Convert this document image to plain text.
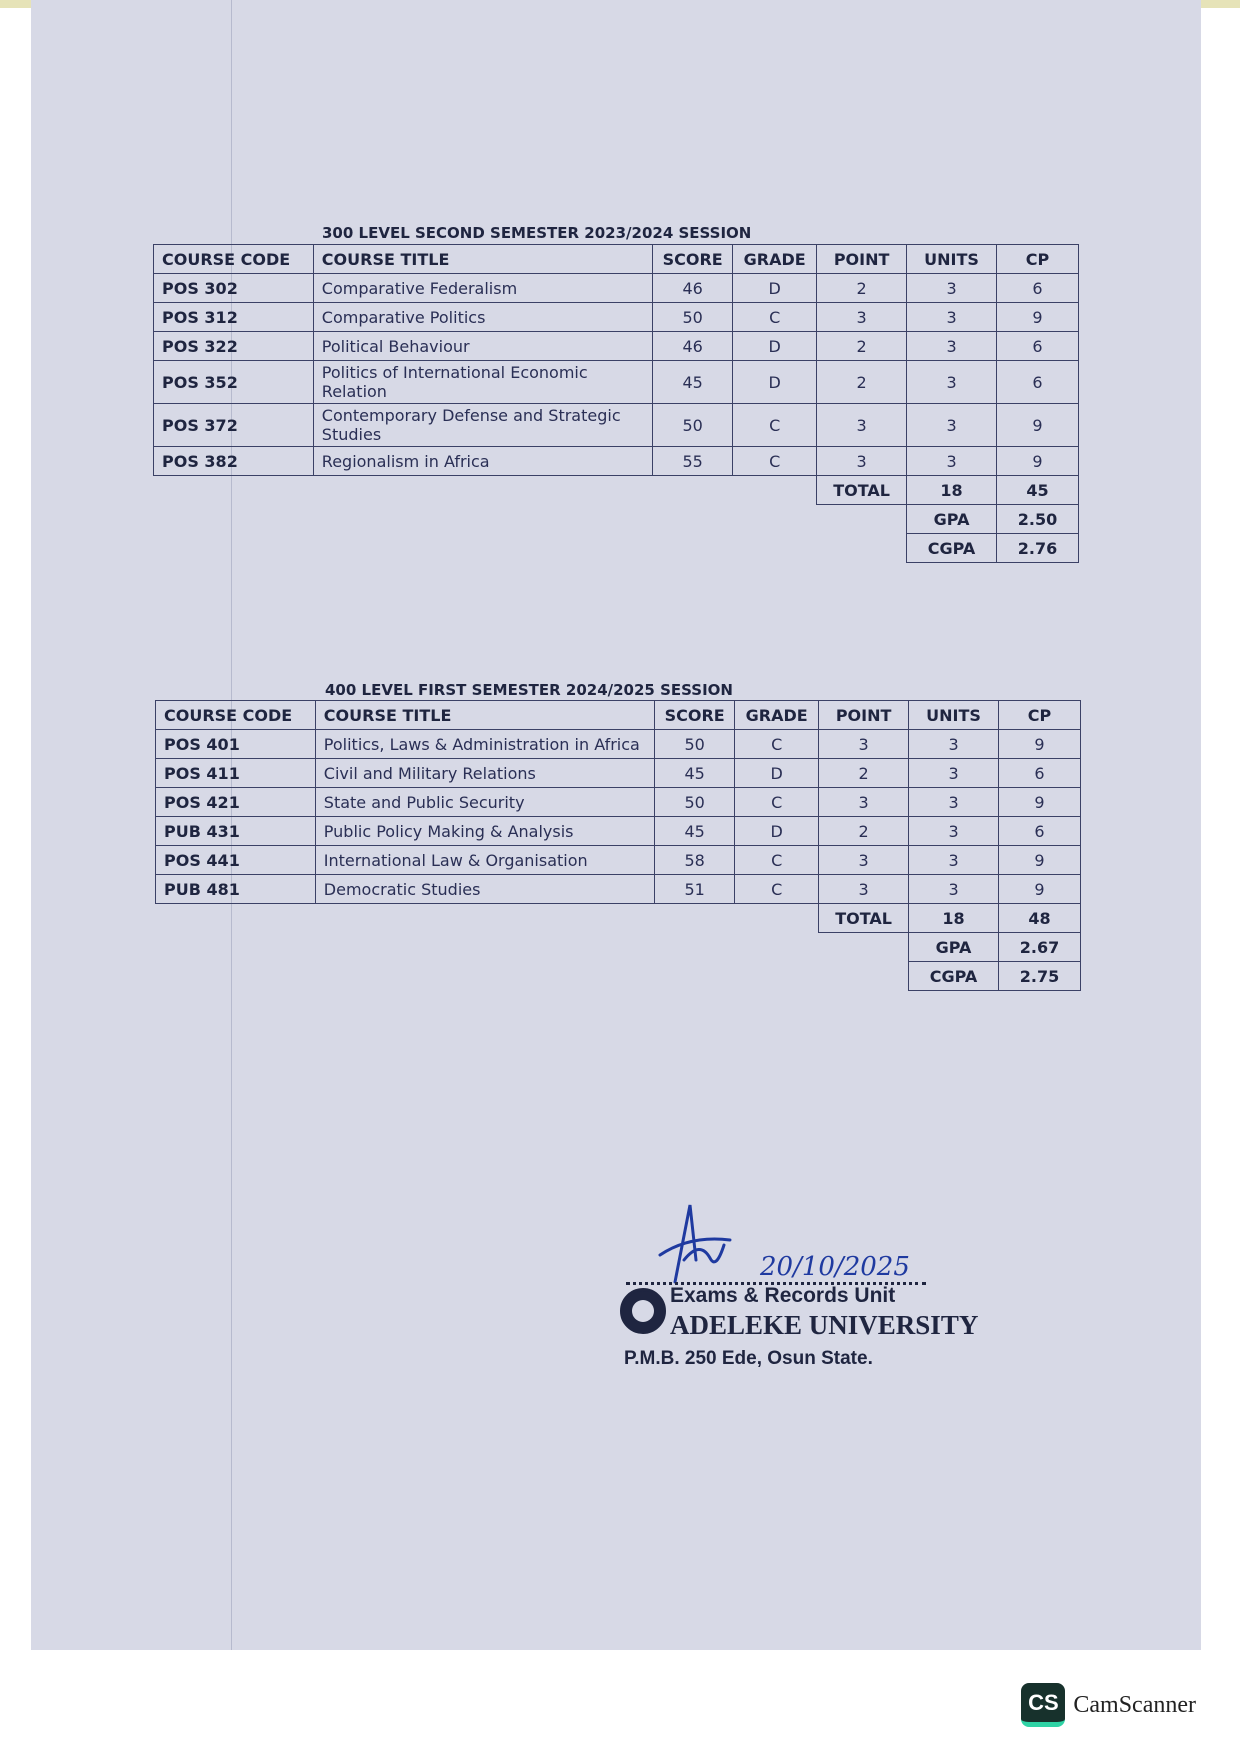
300 LEVEL SECOND SEMESTER 2023/2024 SESSION
COURSE CODE	COURSE TITLE	SCORE	GRADE	POINT	UNITS	CP
POS 302	Comparative Federalism	46	D	2	3	6
POS 312	Comparative Politics	50	C	3	3	9
POS 322	Political Behaviour	46	D	2	3	6
POS 352	Politics of International Economic Relation	45	D	2	3	6
POS 372	Contemporary Defense and Strategic Studies	50	C	3	3	9
POS 382	Regionalism in Africa	55	C	3	3	9
				TOTAL	18	45
					GPA	2.50
					CGPA	2.76
400 LEVEL FIRST SEMESTER 2024/2025 SESSION
COURSE CODE	COURSE TITLE	SCORE	GRADE	POINT	UNITS	CP
POS 401	Politics, Laws & Administration in Africa	50	C	3	3	9
POS 411	Civil and Military Relations	45	D	2	3	6
POS 421	State and Public Security	50	C	3	3	9
PUB 431	Public Policy Making & Analysis	45	D	2	3	6
POS 441	International Law & Organisation	58	C	3	3	9
PUB 481	Democratic Studies	51	C	3	3	9
				TOTAL	18	48
					GPA	2.67
					CGPA	2.75
20/10/2025
Exams & Records Unit
ADELEKE UNIVERSITY
P.M.B. 250 Ede, Osun State.
CS CamScanner
